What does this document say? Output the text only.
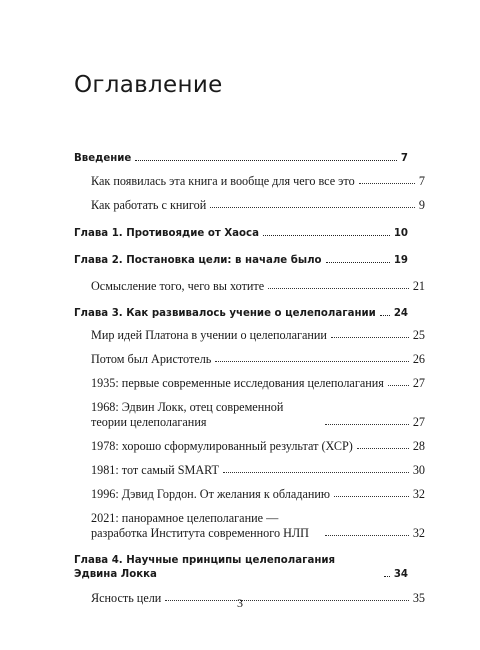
Оглавление
Введение	7
Как появилась эта книга и вообще для чего все это	7
Как работать с книгой	9
Глава 1. Противоядие от Хаоса	10
Глава 2. Постановка цели: в начале было	19
Осмысление того, чего вы хотите	21
Глава 3. Как развивалось учение о целеполагании 24
Мир идей Платона в учении о целеполагании	25
Потом был Аристотель	26
1935: первые современные исследования целеполагания 27
1968: Эдвин Локк, отец современной теории целеполагания	27
1978: хорошо сформулированный результат (ХСР)	28
1981: тот самый SMART	30
1996: Дэвид Гордон. От желания к обладанию	32
2021: панорамное целеполагание — разработка Института современного НЛП	32
Глава 4. Научные принципы целеполагания Эдвина Локка	34
Ясность цели	35
3
